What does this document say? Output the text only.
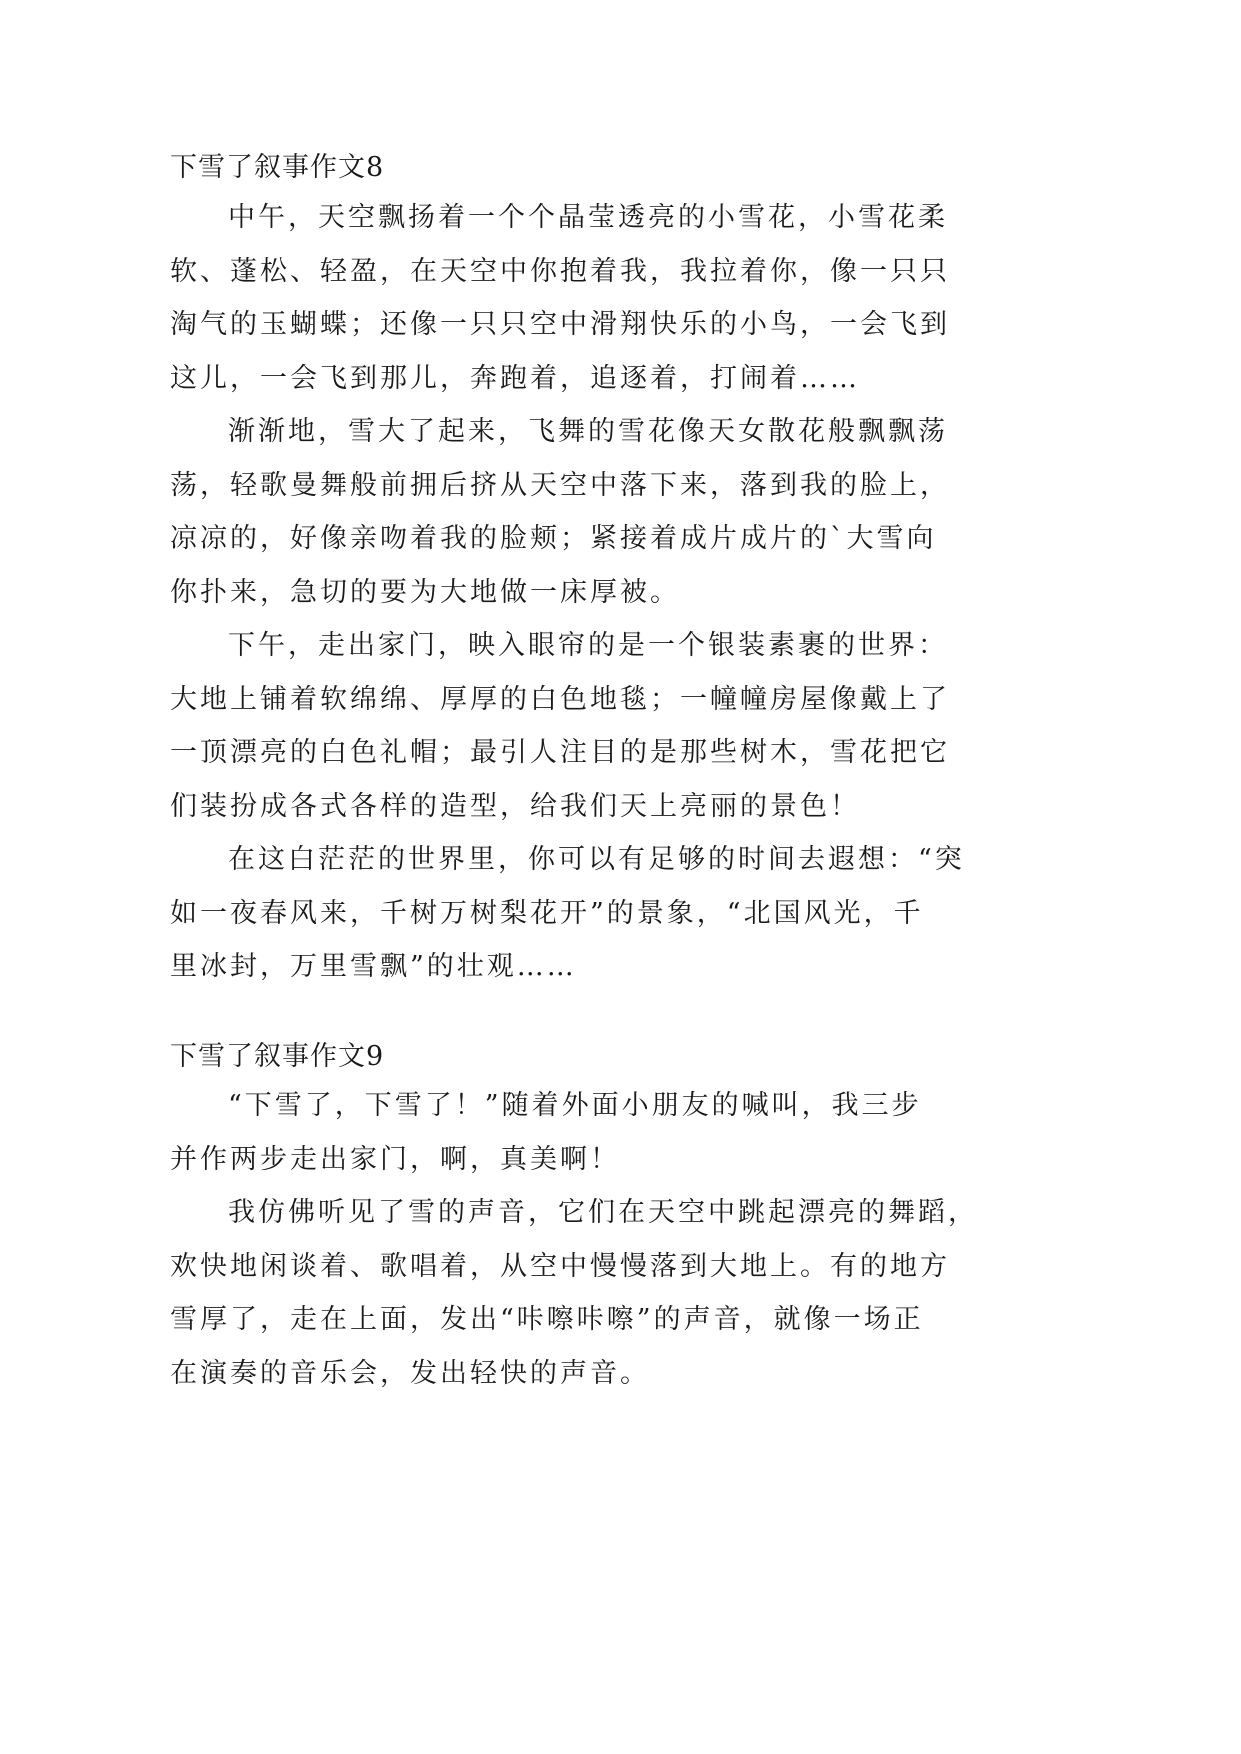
下雪了叙事作文8
中午，天空飘扬着一个个晶莹透亮的小雪花，小雪花柔
软、蓬松、轻盈，在天空中你抱着我，我拉着你，像一只只
淘气的玉蝴蝶；还像一只只空中滑翔快乐的小鸟，一会飞到
这儿，一会飞到那儿，奔跑着，追逐着，打闹着……
渐渐地，雪大了起来，飞舞的雪花像天女散花般飘飘荡
荡，轻歌曼舞般前拥后挤从天空中落下来，落到我的脸上，
凉凉的，好像亲吻着我的脸颊；紧接着成片成片的`大雪向
你扑来，急切的要为大地做一床厚被。
下午，走出家门，映入眼帘的是一个银装素裹的世界：
大地上铺着软绵绵、厚厚的白色地毯；一幢幢房屋像戴上了
一顶漂亮的白色礼帽；最引人注目的是那些树木，雪花把它
们装扮成各式各样的造型，给我们天上亮丽的景色！
在这白茫茫的世界里，你可以有足够的时间去遐想：“突
如一夜春风来，千树万树梨花开”的景象，“北国风光，千
里冰封，万里雪飘”的壮观……
下雪了叙事作文9
“下雪了，下雪了！”随着外面小朋友的喊叫，我三步
并作两步走出家门，啊，真美啊！
我仿佛听见了雪的声音，它们在天空中跳起漂亮的舞蹈，
欢快地闲谈着、歌唱着，从空中慢慢落到大地上。有的地方
雪厚了，走在上面，发出“咔嚓咔嚓”的声音，就像一场正
在演奏的音乐会，发出轻快的声音。
